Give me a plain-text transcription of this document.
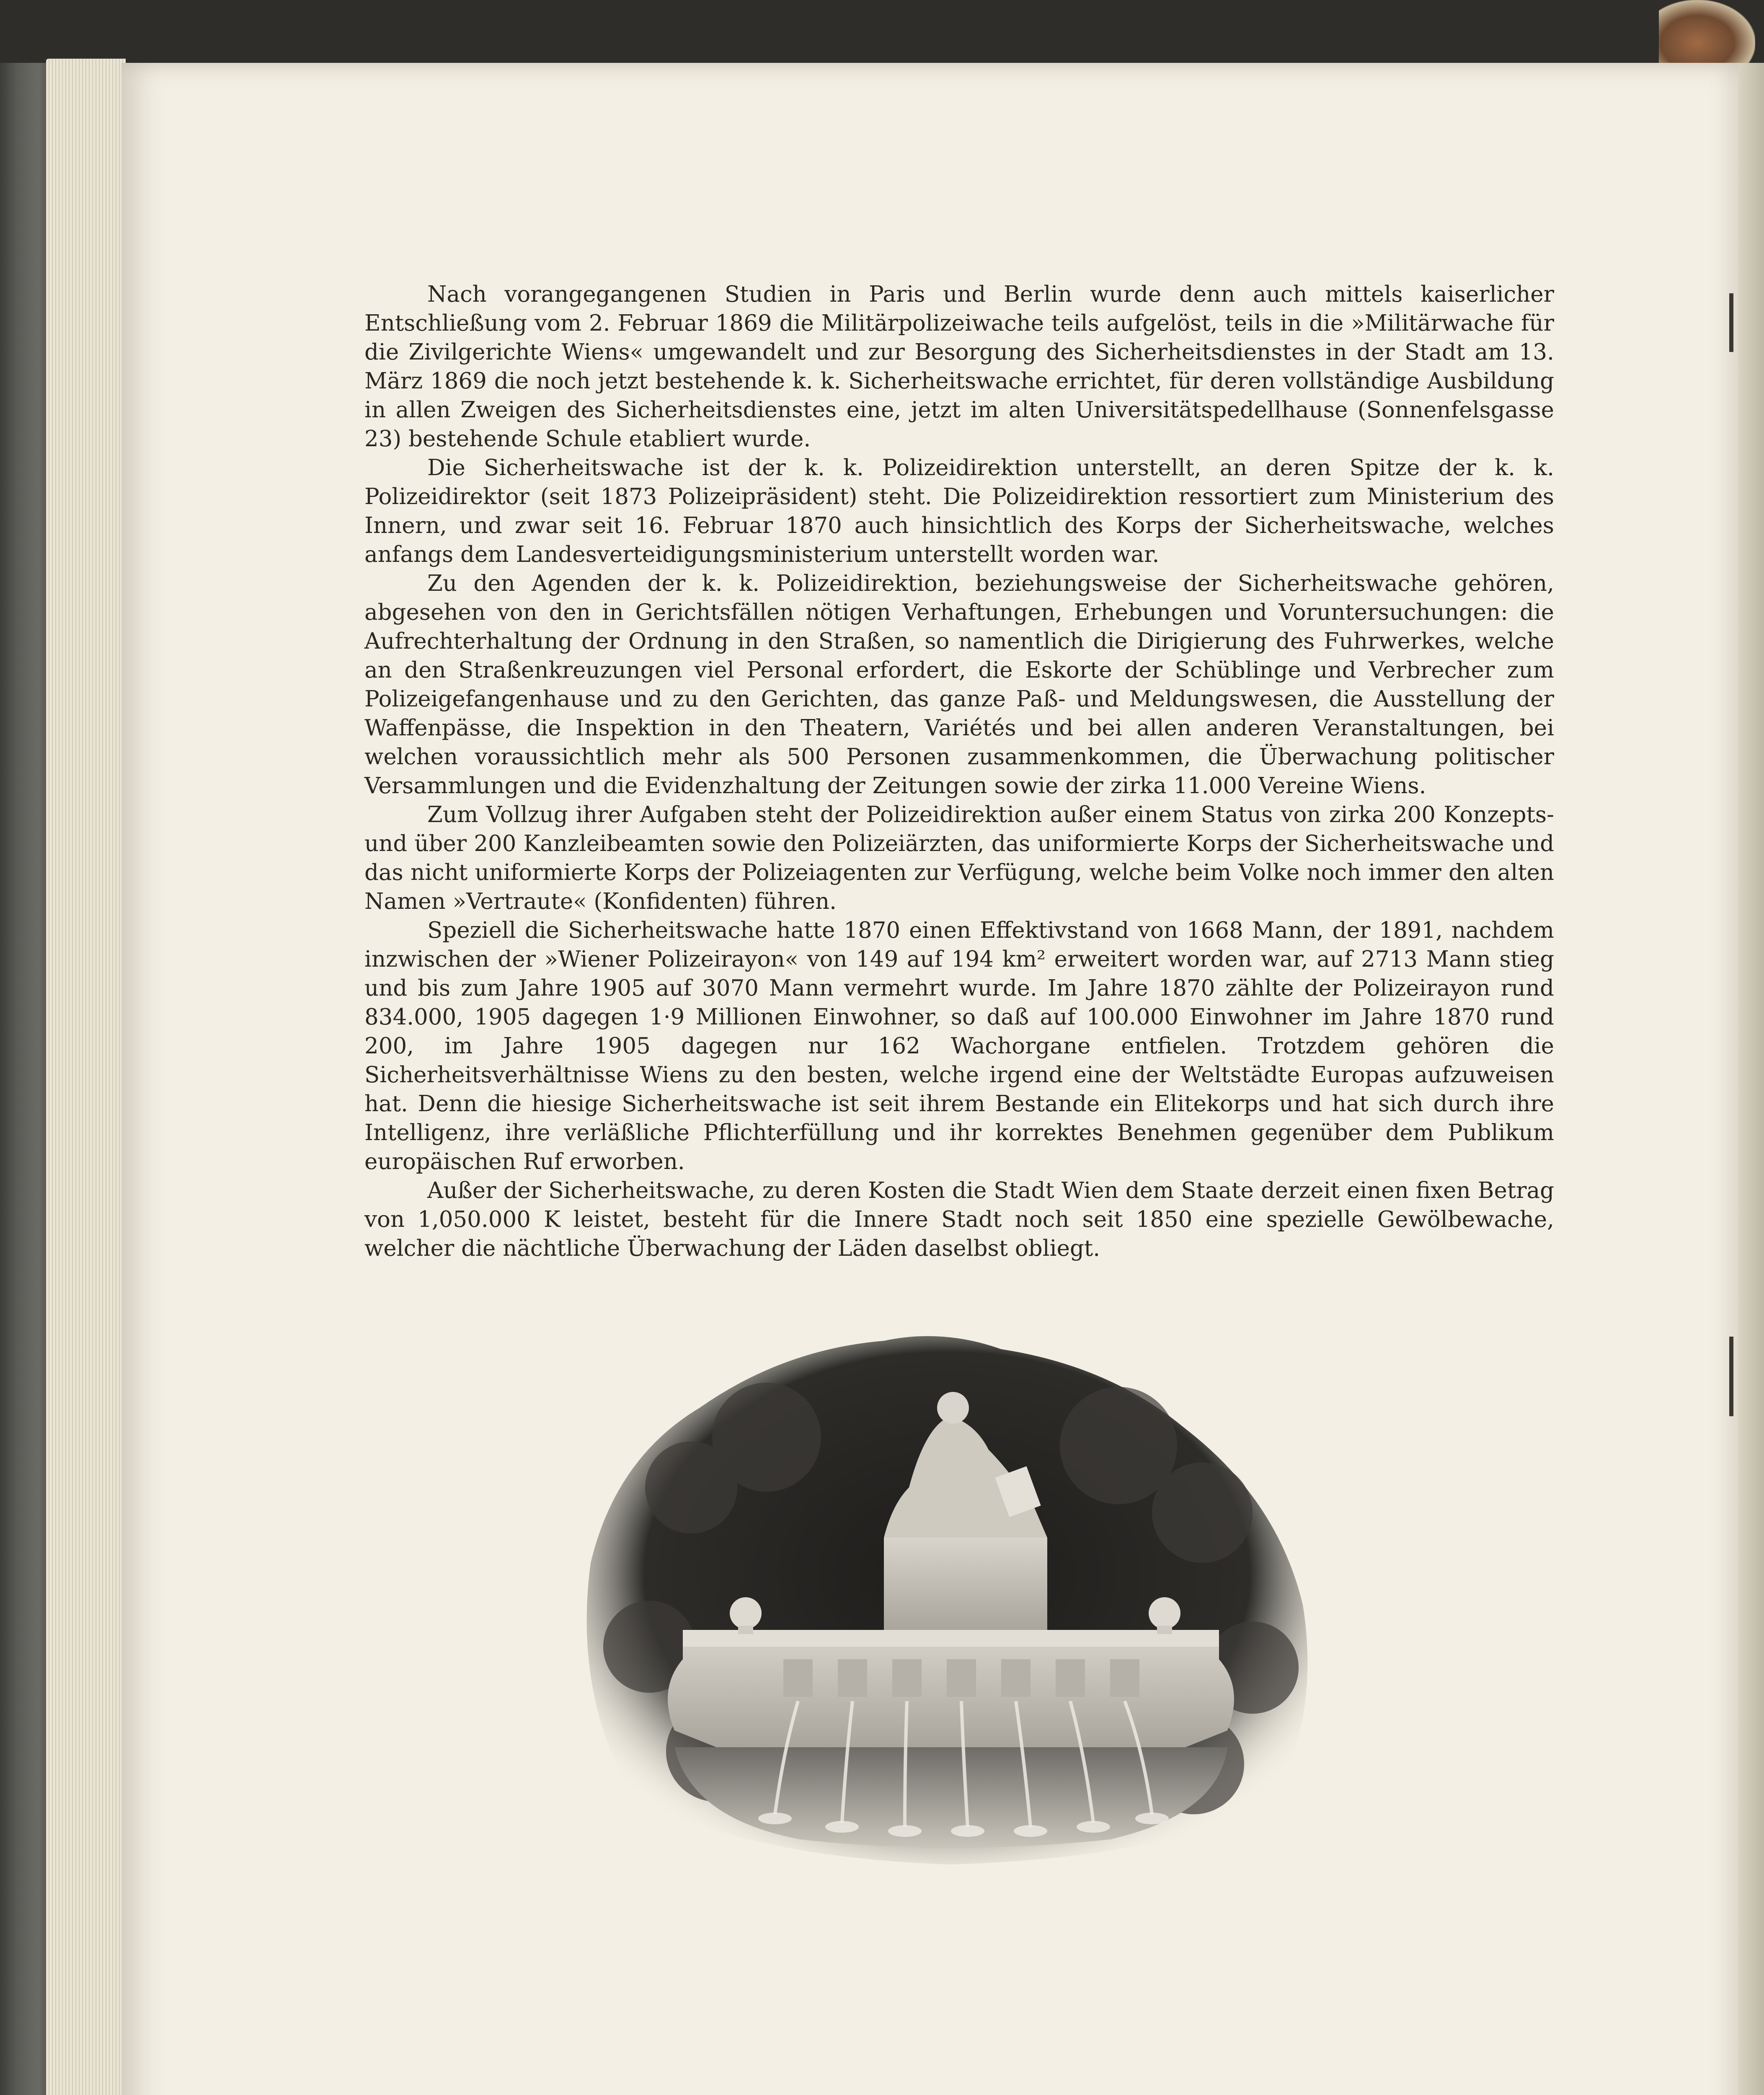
Nach vorangegangenen Studien in Paris und Berlin wurde denn auch mittels kaiserlicher Entschließung vom 2. Februar 1869 die Militärpolizeiwache teils aufgelöst, teils in die »Militärwache für die Zivilgerichte Wiens« umgewandelt und zur Besorgung des Sicherheitsdienstes in der Stadt am 13. März 1869 die noch jetzt bestehende k. k. Sicherheitswache errichtet, für deren vollständige Ausbildung in allen Zweigen des Sicherheitsdienstes eine, jetzt im alten Universitätspedellhause (Sonnenfelsgasse 23) bestehende Schule etabliert wurde.

Die Sicherheitswache ist der k. k. Polizeidirektion unterstellt, an deren Spitze der k. k. Polizeidirektor (seit 1873 Polizeipräsident) steht. Die Polizeidirektion ressortiert zum Ministerium des Innern, und zwar seit 16. Februar 1870 auch hinsichtlich des Korps der Sicherheitswache, welches anfangs dem Landesverteidigungsministerium unterstellt worden war.

Zu den Agenden der k. k. Polizeidirektion, beziehungsweise der Sicherheitswache gehören, abgesehen von den in Gerichtsfällen nötigen Verhaftungen, Erhebungen und Voruntersuchungen: die Aufrechterhaltung der Ordnung in den Straßen, so namentlich die Dirigierung des Fuhrwerkes, welche an den Straßenkreuzungen viel Personal erfordert, die Eskorte der Schüblinge und Verbrecher zum Polizeigefangenhause und zu den Gerichten, das ganze Paß- und Meldungswesen, die Ausstellung der Waffenpässe, die Inspektion in den Theatern, Variétés und bei allen anderen Veranstaltungen, bei welchen voraussichtlich mehr als 500 Personen zusammenkommen, die Überwachung politischer Versammlungen und die Evidenzhaltung der Zeitungen sowie der zirka 11.000 Vereine Wiens.

Zum Vollzug ihrer Aufgaben steht der Polizeidirektion außer einem Status von zirka 200 Konzepts- und über 200 Kanzleibeamten sowie den Polizeiärzten, das uniformierte Korps der Sicherheitswache und das nicht uniformierte Korps der Polizeiagenten zur Verfügung, welche beim Volke noch immer den alten Namen »Vertraute« (Konfidenten) führen.

Speziell die Sicherheitswache hatte 1870 einen Effektivstand von 1668 Mann, der 1891, nachdem inzwischen der »Wiener Polizeirayon« von 149 auf 194 km² erweitert worden war, auf 2713 Mann stieg und bis zum Jahre 1905 auf 3070 Mann vermehrt wurde. Im Jahre 1870 zählte der Polizeirayon rund 834.000, 1905 dagegen 1·9 Millionen Einwohner, so daß auf 100.000 Einwohner im Jahre 1870 rund 200, im Jahre 1905 dagegen nur 162 Wachorgane entfielen. Trotzdem gehören die Sicherheitsverhältnisse Wiens zu den besten, welche irgend eine der Weltstädte Europas aufzuweisen hat. Denn die hiesige Sicherheitswache ist seit ihrem Bestande ein Elitekorps und hat sich durch ihre Intelligenz, ihre verläßliche Pflichterfüllung und ihr korrektes Benehmen gegenüber dem Publikum europäischen Ruf erworben.

Außer der Sicherheitswache, zu deren Kosten die Stadt Wien dem Staate derzeit einen fixen Betrag von 1,050.000 K leistet, besteht für die Innere Stadt noch seit 1850 eine spezielle Gewölbewache, welcher die nächtliche Überwachung der Läden daselbst obliegt.
